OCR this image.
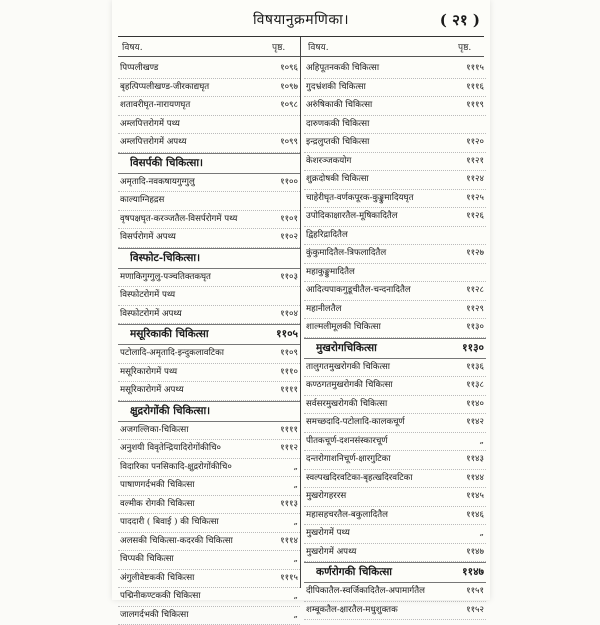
विषयानुक्रमणिका।	( २१ )
विषय.	पृष्ठ.	विषय.	पृष्ठ.
पिप्पलीखण्ड	१०९६
बृहत्पिप्पलीखण्ड-जीरकाद्यघृत	१०९७
शतावरीघृत-नारायणघृत	१०९८
अम्लपित्तरोगमें पथ्य
अम्लपित्तरोगमें अपथ्य	१०९९
विसर्पकी चिकित्सा।
अमृतादि-नवकषायगुग्गुलु	११००
काल्याग्निहद्रस
वृषपक्षघृत-करञ्जतैल-विसर्परोगमें पथ्य	११०१
विसर्परोगमें अपथ्य	११०२
विस्फोट-चिकित्सा।
मणाकिगुग्गुलु-पञ्चतिक्तकघृत	११०३
विस्फोटरोगमें पथ्य
विस्फोटरोगमें अपथ्य	११०४
मसूरिकाकी चिकित्सा	११०५
पटोलादि-अमृतादि-इन्दुकलावटिका	११०९
मसूरिकारोगमें पथ्य	१११०
मसूरिकारोगमें अपथ्य	११११
क्षुद्ररोगोंकी चिकित्सा।
अजगल्लिका-चिकित्सा	११११
अनुशयी विवृतेन्द्रियादिरोगोंकीचि०	१११२
विदारिका पनसिकादि-क्षुद्ररोगोंकीचि०	„
पाषाणगर्दभकी चिकित्सा	„
वल्मीक रोगकी चिकित्सा	१११३
पाददारी ( बिवाई ) की चिकित्सा	„
अलसकी चिकित्सा-कदरकी चिकित्सा	१११४
चिप्पकी चिकित्सा	„
अंगुलीवेष्टककी चिकित्सा	१११५
पद्मिनीकण्टककी चिकित्सा	„
जालगर्दभकी चिकित्सा	„
अहिपूतनककी चिकित्सा	१११५
गुदभ्रंशकी चिकित्सा	१११६
अरुंषिकाकी चिकित्सा	१११९
दारुणककी चिकित्सा
इन्द्रलुप्तकी चिकित्सा	११२०
केशरञ्जकयोग	११२१
शुक्रदोषकी चिकित्सा	११२४
चाहेरीघृत-वर्णकपूरक-कुङ्कुमादियघृत	११२५
उपोदिकाक्षारतैल-मूषिकादितैल	११२६
द्विहरिद्रादितैल
कुंकुमादितैल-त्रिफलादितैल	११२७
महाकुङ्कुमादितैल
आदित्यपाकगुडूचीतैल-चन्दनादितैल	११२८
महानीलतैल	११२९
शाल्मलीमूलकी चिकित्सा	११३०
मुखरोगचिकित्सा	११३०
तालुगतमुखरोगकी चिकित्सा	११३६
कण्ठगतमुखरोगकी चिकित्सा	११३८
सर्वसरमुखरोगकी चिकित्सा	११४०
समच्छदादि-पटोलादि-कालकचूर्ण	११४२
पीतकचूर्ण-दशनसंस्कारचूर्ण	„
दन्तरोगाशनिचूर्ण-क्षारगुटिका	११४३
स्वल्पखदिरवटिका-बृहत्खदिरवटिका	११४४
मुखरोगहररस	११४५
महासहचरतैल-बकुलादितैल	११४६
मुखरोगमें पथ्य	„
मुखरोगमें अपथ्य	११४७
कर्णरोगकी चिकित्सा	११४७
दीपिकातैल-स्वर्जिकादितैल-अपामार्गतैल	११५१
शम्बूकतैल-क्षारतैल-मधुशुक्तक	११५२
